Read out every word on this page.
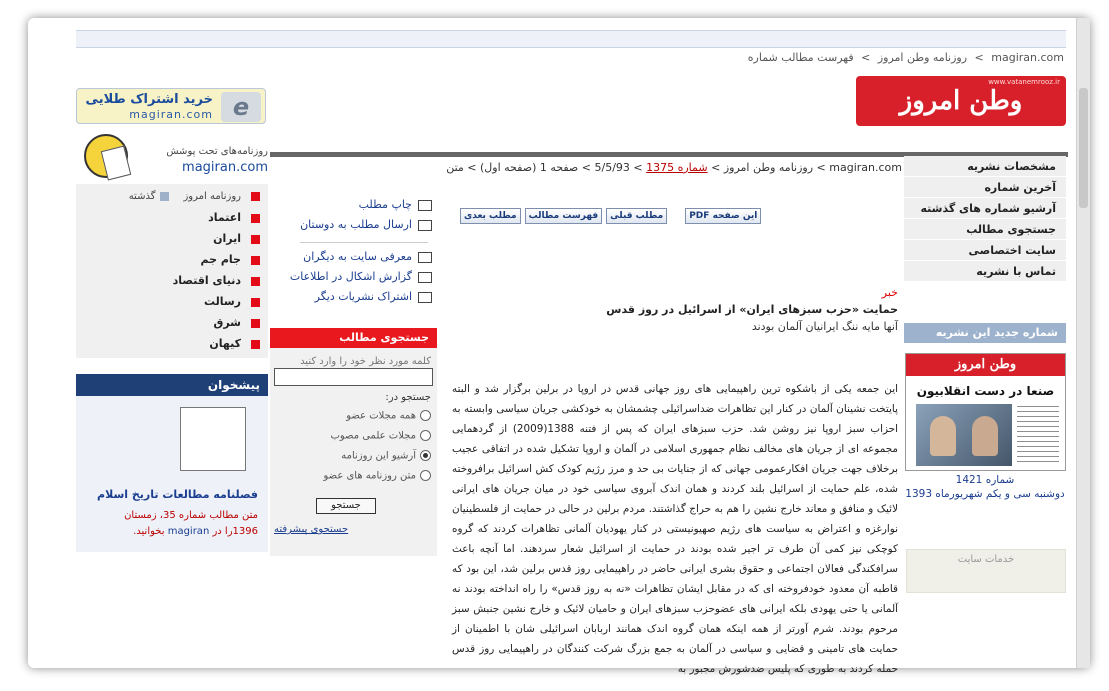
magiran.com > روزنامه وطن امروز > فهرست مطالب شماره
www.vatanemrooz.ir
وطن امروز
خرید اشتراک طلایی
magiran.com e
روزنامه‌های تحت پوشش
magiran.com
روزنامه امروزگذشته
اعتماد
ایران
جام جم
دنیای اقتصاد
رسالت
شرق
کیهان
پیشخوان
فصلنامه مطالعات تاریخ اسلام
متن مطالب شماره 35، زمستان 1396را در magiran بخوانید.
magiran.com > روزنامه وطن امروز > شماره 1375 > 5/5/93 > صفحه 1 (صفحه اول) > متن
مطلب بعدی	فهرست مطالب	مطلب قبلی	PDF این صفحه
چاپ مطلب
ارسال مطلب به دوستان
معرفی سایت به دیگران
گزارش اشکال در اطلاعات
اشتراک نشریات دیگر
جستجوی مطالب
کلمه مورد نظر خود را وارد کنید
جستجو در:
همه مجلات عضو
مجلات علمی مصوب
آرشیو این روزنامه
متن روزنامه های عضو
جستجو
جستجوی پیشرفته
خبر
حمایت «حزب سبزهای ایران» از اسرائیل در روز قدس
آنها مایه ننگ ایرانیان آلمان بودند
این جمعه یکی از باشکوه ترین راهپیمایی های روز جهانی قدس در اروپا در برلین برگزار شد و البته پایتخت نشینان آلمان در کنار این تظاهرات ضداسرائیلی چشمشان به خودکشی جریان سیاسی وابسته به احزاب سبز اروپا نیز روشن شد. حزب سبزهای ایران که پس از فتنه 1388(2009) از گردهمایی مجموعه ای از جریان های مخالف نظام جمهوری اسلامی در آلمان و اروپا تشکیل شده در اتفاقی عجیب برخلاف جهت جریان افکارعمومی جهانی که از جنایات بی حد و مرز رژیم کودک کش اسرائیل برافروخته شده، علم حمایت از اسرائیل بلند کردند و همان اندک آبروی سیاسی خود در میان جریان های ایرانی لائیک و منافق و معاند خارج نشین را هم به حراج گذاشتند. مردم برلین در حالی در حمایت از فلسطینیان نوارغزه و اعتراض به سیاست های رژیم صهیونیستی در کنار یهودیان آلمانی تظاهرات کردند که گروه کوچکی نیز کمی آن طرف تر اجیر شده بودند در حمایت از اسرائیل شعار سردهند. اما آنچه باعث سرافکندگی فعالان اجتماعی و حقوق بشری ایرانی حاضر در راهپیمایی روز قدس برلین شد، این بود که قاطبه آن معدود خودفروخته ای که در مقابل ایشان تظاهرات «نه به روز قدس» را راه انداخته بودند نه آلمانی یا حتی یهودی بلکه ایرانی های عضوحزب سبزهای ایران و حامیان لائیک و خارج نشین جنبش سبز مرحوم بودند. شرم آورتر از همه اینکه همان گروه اندک همانند اربابان اسرائیلی شان با اطمینان از حمایت های تامینی و قضایی و سیاسی در آلمان به جمع بزرگ شرکت کنندگان در راهپیمایی روز قدس حمله کردند به طوری که پلیس ضدشورش مجبور به
مشخصات نشریه
آخرین شماره
آرشیو شماره های گذشته
جستجوی مطالب
سایت اختصاصی
تماس با نشریه
شماره جدید این نشریه
وطن امروز
صنعا در دست انقلابیون
شماره 1421
دوشنبه سی و یکم شهریورماه 1393
خدمات سایت
